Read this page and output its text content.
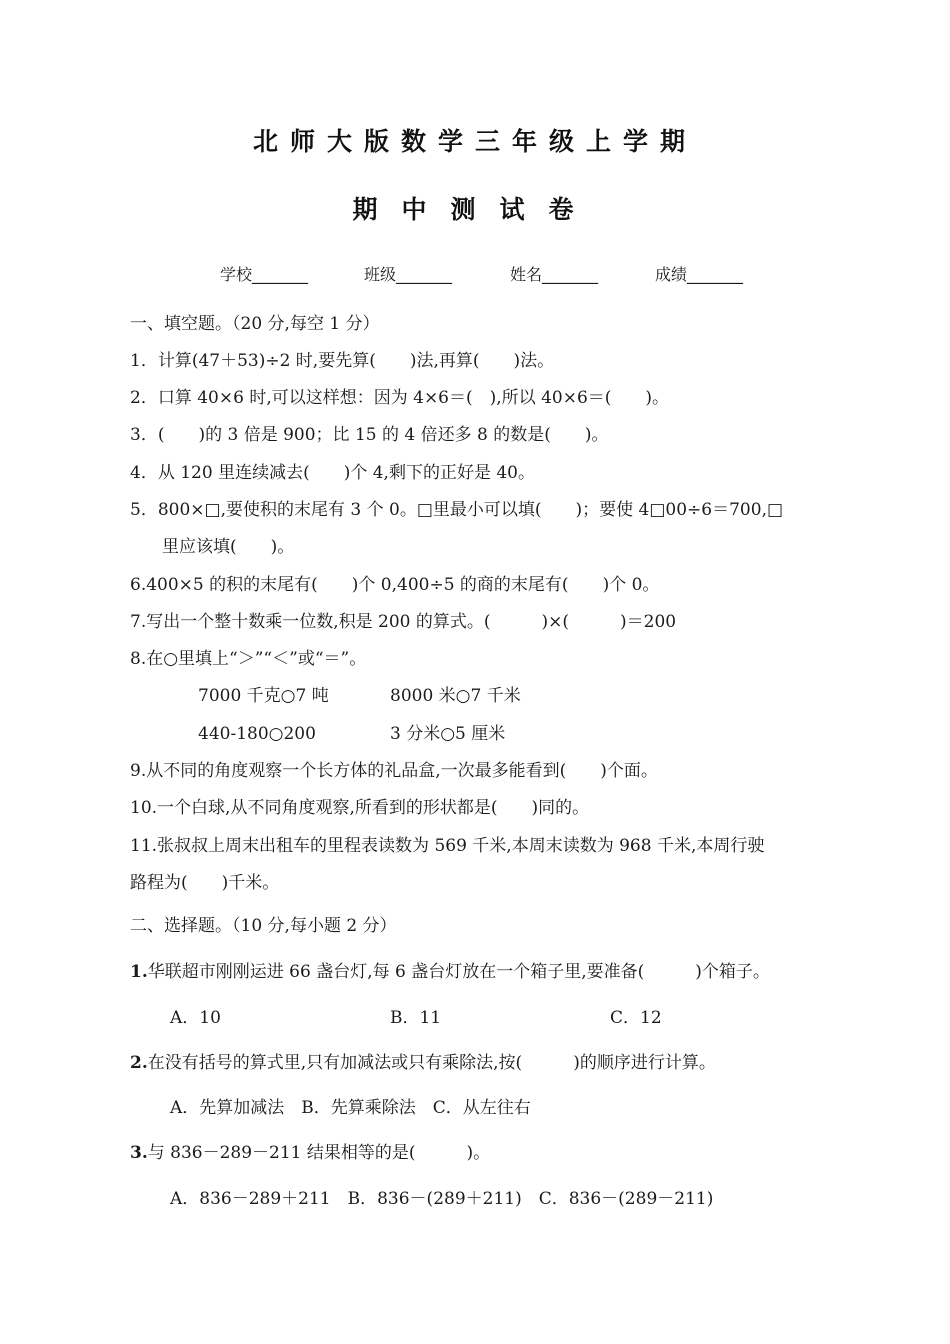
北师大版数学三年级上学期
期中测试卷
学校_______	班级_______	姓名_______	成绩_______
一、填空题。（20 分,每空 1 分）
1．计算(47＋53)÷2 时,要先算(　　)法,再算(　　)法。
2．口算 40×6 时,可以这样想：因为 4×6＝(　),所以 40×6＝(　　)。
3．(　　)的 3 倍是 900；比 15 的 4 倍还多 8 的数是(　　)。
4．从 120 里连续减去(　　)个 4,剩下的正好是 40。
5．800×□,要使积的末尾有 3 个 0。□里最小可以填(　　)；要使 4□00÷6＝700,□
里应该填(　　)。
6.400×5 的积的末尾有(　　)个 0,400÷5 的商的末尾有(　　)个 0。
7.写出一个整十数乘一位数,积是 200 的算式。(　　　)×(　　　)＝200
8.在○里填上“＞”“＜”或“＝”。
7000 千克○7 吨	8000 米○7 千米
440-180○200	3 分米○5 厘米
9.从不同的角度观察一个长方体的礼品盒,一次最多能看到(　　)个面。
10.一个白球,从不同角度观察,所看到的形状都是(　　)同的。
11.张叔叔上周末出租车的里程表读数为 569 千米,本周末读数为 968 千米,本周行驶
路程为(　　)千米。
二、选择题。（10 分,每小题 2 分）
1.华联超市刚刚运进 66 盏台灯,每 6 盏台灯放在一个箱子里,要准备(　　　)个箱子。
A．10	B．11	C．12
2.在没有括号的算式里,只有加减法或只有乘除法,按(　　　)的顺序进行计算。
A．先算加减法　B．先算乘除法　C．从左往右
3.与 836－289－211 结果相等的是(　　　)。
A．836－289＋211　B．836－(289＋211)　C．836－(289－211)
